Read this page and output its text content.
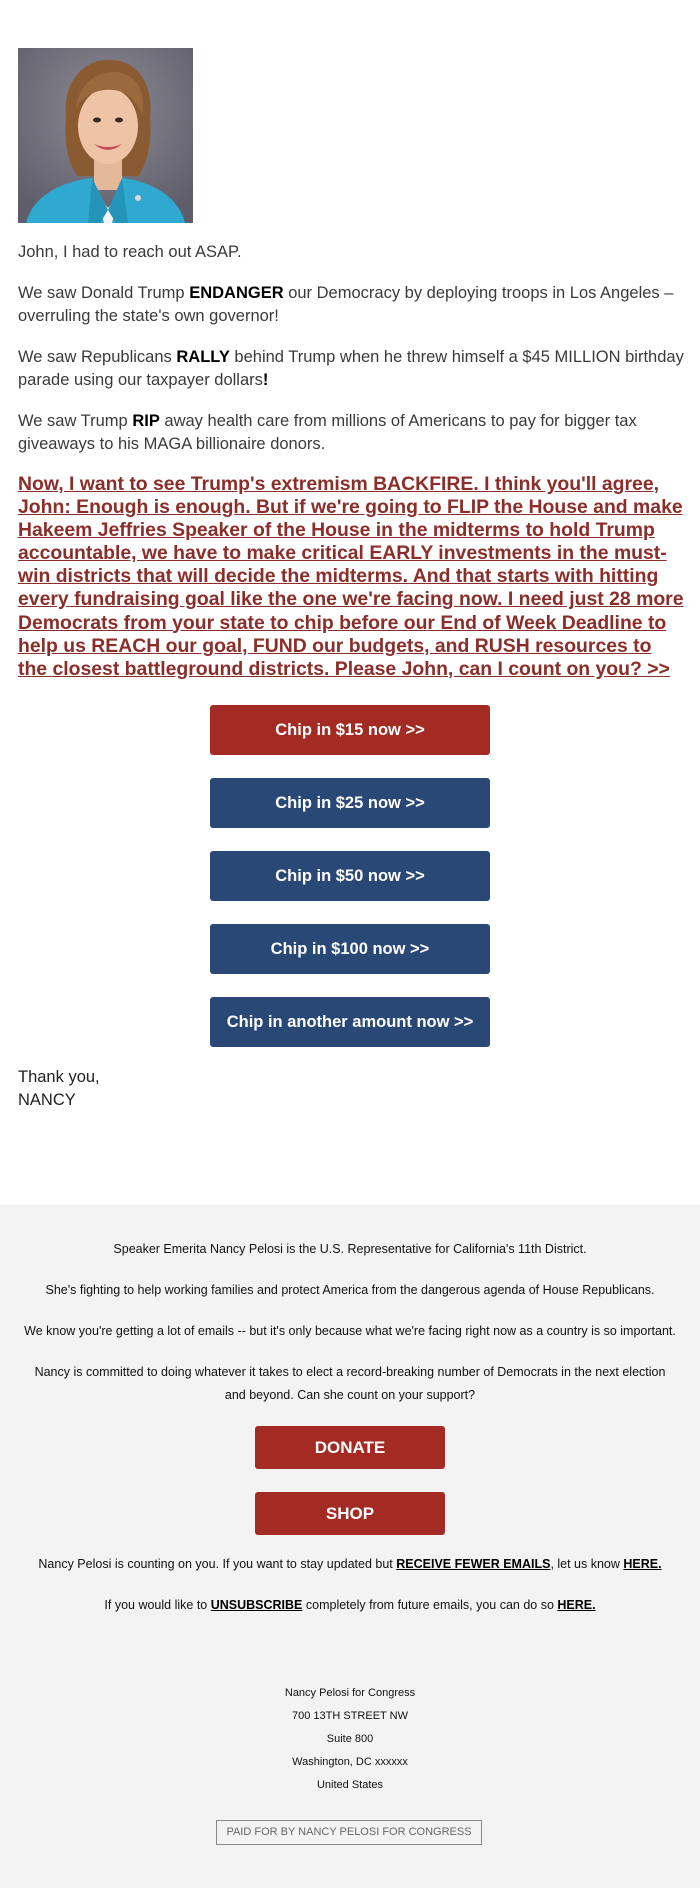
John, I had to reach out ASAP.

We saw Donald Trump ENDANGER our Democracy by deploying troops in Los Angeles – overruling the state's own governor!

We saw Republicans RALLY behind Trump when he threw himself a $45 MILLION birthday parade using our taxpayer dollars!

We saw Trump RIP away health care from millions of Americans to pay for bigger tax giveaways to his MAGA billionaire donors.

Now, I want to see Trump's extremism BACKFIRE. I think you'll agree, John: Enough is enough. But if we're going to FLIP the House and make Hakeem Jeffries Speaker of the House in the midterms to hold Trump accountable, we have to make critical EARLY investments in the must-win districts that will decide the midterms. And that starts with hitting every fundraising goal like the one we're facing now. I need just 28 more Democrats from your state to chip before our End of Week Deadline to help us REACH our goal, FUND our budgets, and RUSH resources to the closest battleground districts. Please John, can I count on you? >>

Chip in $15 now >>
Chip in $25 now >>
Chip in $50 now >>
Chip in $100 now >>
Chip in another amount now >>
Thank you,
NANCY
Speaker Emerita Nancy Pelosi is the U.S. Representative for California's 11th District.
She's fighting to help working families and protect America from the dangerous agenda of House Republicans.
We know you're getting a lot of emails -- but it's only because what we're facing right now as a country is so important.
Nancy is committed to doing whatever it takes to elect a record-breaking number of Democrats in the next election and beyond. Can she count on your support?
DONATE
SHOP
Nancy Pelosi is counting on you. If you want to stay updated but RECEIVE FEWER EMAILS, let us know HERE.
If you would like to UNSUBSCRIBE completely from future emails, you can do so HERE.
Nancy Pelosi for Congress
700 13TH STREET NW
Suite 800
Washington, DC xxxxxx
United States
PAID FOR BY NANCY PELOSI FOR CONGRESS
